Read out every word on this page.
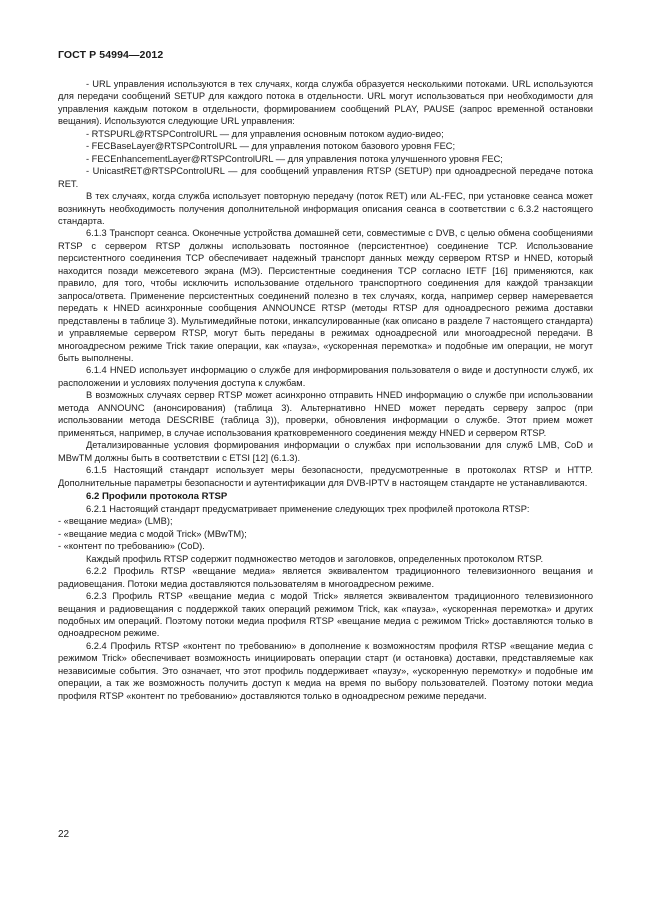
ГОСТ Р 54994—2012

- URL управления используются в тех случаях, когда служба образуется несколькими потоками. URL используются для передачи сообщений SETUP для каждого потока в отдельности. URL могут использоваться при необходимости для управления каждым потоком в отдельности, формированием сообщений PLAY, PAUSE (запрос временной остановки вещания). Используются следующие URL управления:

- RTSPURL@RTSPControlURL — для управления основным потоком аудио-видео;

- FECBaseLayer@RTSPControlURL — для управления потоком базового уровня FEC;

- FECEnhancementLayer@RTSPControlURL — для управления потока улучшенного уровня FEC;

- UnicastRET@RTSPControlURL — для сообщений управления RTSP (SETUP) при одноадресной передаче потока RET.

В тех случаях, когда служба использует повторную передачу (поток RET) или AL-FEC, при установке сеанса может возникнуть необходимость получения дополнительной информация описания сеанса в соответствии с 6.3.2 настоящего стандарта.

6.1.3 Транспорт сеанса. Оконечные устройства домашней сети, совместимые с DVB, с целью обмена сообщениями RTSP с сервером RTSP должны использовать постоянное (персистентное) соединение TCP. Использование персистентного соединения TCP обеспечивает надежный транспорт данных между сервером RTSP и HNED, который находится позади межсетевого экрана (МЭ). Персистентные соединения TCP согласно IETF [16] применяются, как правило, для того, чтобы исключить использование отдельного транспортного соединения для каждой транзакции запроса/ответа. Применение персистентных соединений полезно в тех случаях, когда, например сервер намеревается передать к HNED асинхронные сообщения ANNOUNCE RTSP (методы RTSP для одноадресного режима доставки представлены в таблице 3). Мультимедийные потоки, инкапсулированные (как описано в разделе 7 настоящего стандарта) и управляемые сервером RTSP, могут быть переданы в режимах одноадресной или многоадресной передачи. В многоадресном режиме Trick такие операции, как «пауза», «ускоренная перемотка» и подобные им операции, не могут быть выполнены.

6.1.4 HNED использует информацию о службе для информирования пользователя о виде и доступности служб, их расположении и условиях получения доступа к службам.

В возможных случаях сервер RTSP может асинхронно отправить HNED информацию о службе при использовании метода ANNOUNC (анонсирования) (таблица 3). Альтернативно HNED может передать серверу запрос (при использовании метода DESCRIBE (таблица 3)), проверки, обновления информации о службе. Этот прием может применяться, например, в случае использования кратковременного соединения между HNED и сервером RTSP.

Детализированные условия формирования информации о службах при использовании для служб LMB, CoD и MBwTM должны быть в соответствии с ETSI [12] (6.1.3).

6.1.5 Настоящий стандарт использует меры безопасности, предусмотренные в протоколах RTSP и HTTP. Дополнительные параметры безопасности и аутентификации для DVB-IPTV в настоящем стандарте не устанавливаются.

6.2 Профили протокола RTSP

6.2.1 Настоящий стандарт предусматривает применение следующих трех профилей протокола RTSP:

- «вещание медиа» (LMB);

- «вещание медиа с модой Trick» (MBwTM);

- «контент по требованию» (CoD).

Каждый профиль RTSP содержит подмножество методов и заголовков, определенных протоколом RTSP.

6.2.2 Профиль RTSP «вещание медиа» является эквивалентом традиционного телевизионного вещания и радиовещания. Потоки медиа доставляются пользователям в многоадресном режиме.

6.2.3 Профиль RTSP «вещание медиа с модой Trick» является эквивалентом традиционного телевизионного вещания и радиовещания с поддержкой таких операций режимом Trick, как «пауза», «ускоренная перемотка» и других подобных им операций. Поэтому потоки медиа профиля RTSP «вещание медиа с режимом Trick» доставляются только в одноадресном режиме.

6.2.4 Профиль RTSP «контент по требованию» в дополнение к возможностям профиля RTSP «вещание медиа с режимом Trick» обеспечивает возможность инициировать операции старт (и остановка) доставки, представляемые как независимые события. Это означает, что этот профиль поддерживает «паузу», «ускоренную перемотку» и подобные им операции, а так же возможность получить доступ к медиа на время по выбору пользователей. Поэтому потоки медиа профиля RTSP «контент по требованию» доставляются только в одноадресном режиме передачи.

22
